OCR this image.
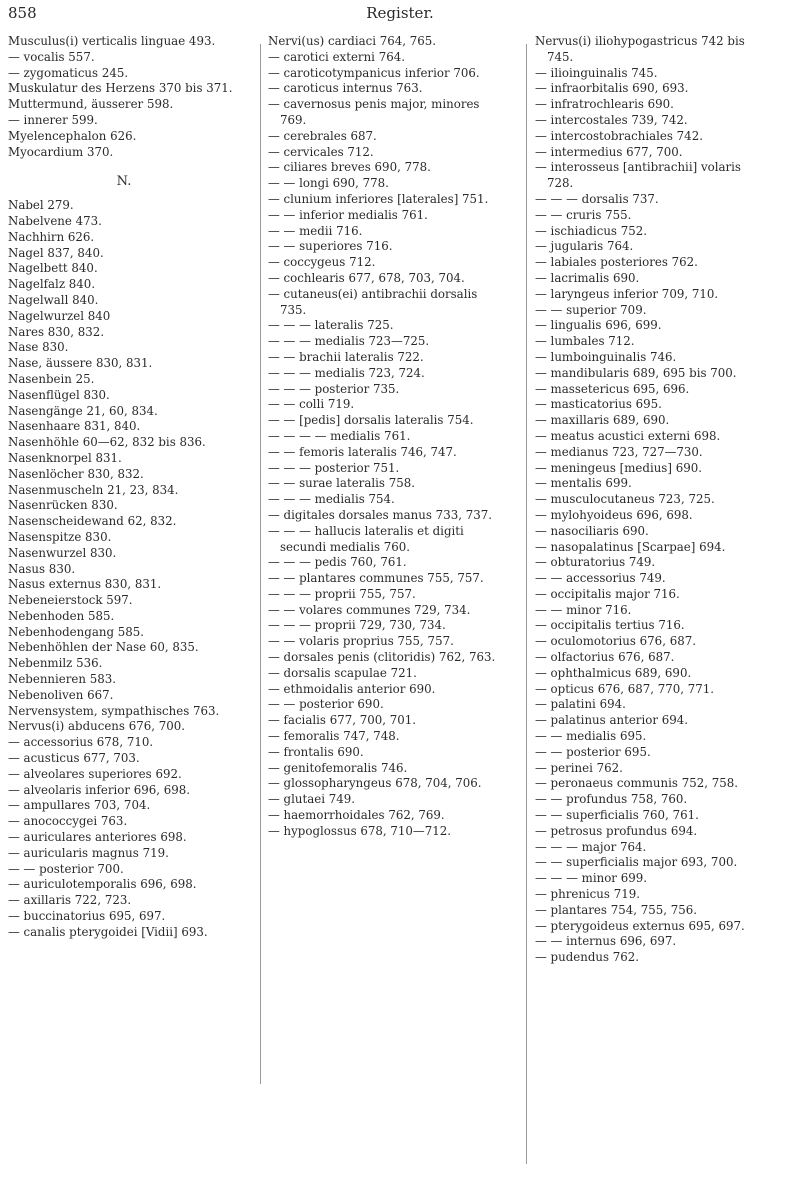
858	Register.
Musculus(i) verticalis linguae 493.
— vocalis 557.
— zygomaticus 245.
Muskulatur des Herzens 370 bis 371.
Muttermund, äusserer 598.
— innerer 599.
Myelencephalon 626.
Myocardium 370.
N.
Nabel 279.
Nabelvene 473.
Nachhirn 626.
Nagel 837, 840.
Nagelbett 840.
Nagelfalz 840.
Nagelwall 840.
Nagelwurzel 840
Nares 830, 832.
Nase 830.
Nase, äussere 830, 831.
Nasenbein 25.
Nasenflügel 830.
Nasengänge 21, 60, 834.
Nasenhaare 831, 840.
Nasenhöhle 60—62, 832 bis 836.
Nasenknorpel 831.
Nasenlöcher 830, 832.
Nasenmuscheln 21, 23, 834.
Nasenrücken 830.
Nasenscheidewand 62, 832.
Nasenspitze 830.
Nasenwurzel 830.
Nasus 830.
Nasus externus 830, 831.
Nebeneierstock 597.
Nebenhoden 585.
Nebenhodengang 585.
Nebenhöhlen der Nase 60, 835.
Nebenmilz 536.
Nebennieren 583.
Nebenoliven 667.
Nervensystem, sympathisches 763.
Nervus(i) abducens 676, 700.
— accessorius 678, 710.
— acusticus 677, 703.
— alveolares superiores 692.
— alveolaris inferior 696, 698.
— ampullares 703, 704.
— anococcygei 763.
— auriculares anteriores 698.
— auricularis magnus 719.
— — posterior 700.
— auriculotemporalis 696, 698.
— axillaris 722, 723.
— buccinatorius 695, 697.
— canalis pterygoidei [Vidii] 693.
Nervi(us) cardiaci 764, 765.
— carotici externi 764.
— caroticotympanicus inferior 706.
— caroticus internus 763.
— cavernosus penis major, minores 769.
— cerebrales 687.
— cervicales 712.
— ciliares breves 690, 778.
— — longi 690, 778.
— clunium inferiores [laterales] 751.
— — inferior medialis 761.
— — medii 716.
— — superiores 716.
— coccygeus 712.
— cochlearis 677, 678, 703, 704.
— cutaneus(ei) antibrachii dorsalis 735.
— — — lateralis 725.
— — — medialis 723—725.
— — brachii lateralis 722.
— — — medialis 723, 724.
— — — posterior 735.
— — colli 719.
— — [pedis] dorsalis lateralis 754.
— — — — medialis 761.
— — femoris lateralis 746, 747.
— — — posterior 751.
— — surae lateralis 758.
— — — medialis 754.
— digitales dorsales manus 733, 737.
— — — hallucis lateralis et digiti secundi medialis 760.
— — — pedis 760, 761.
— — plantares communes 755, 757.
— — — proprii 755, 757.
— — volares communes 729, 734.
— — — proprii 729, 730, 734.
— — volaris proprius 755, 757.
— dorsales penis (clitoridis) 762, 763.
— dorsalis scapulae 721.
— ethmoidalis anterior 690.
— — posterior 690.
— facialis 677, 700, 701.
— femoralis 747, 748.
— frontalis 690.
— genitofemoralis 746.
— glossopharyngeus 678, 704, 706.
— glutaei 749.
— haemorrhoidales 762, 769.
— hypoglossus 678, 710—712.
Nervus(i) iliohypogastricus 742 bis 745.
— ilioinguinalis 745.
— infraorbitalis 690, 693.
— infratrochlearis 690.
— intercostales 739, 742.
— intercostobrachiales 742.
— intermedius 677, 700.
— interosseus [antibrachii] volaris 728.
— — — dorsalis 737.
— — cruris 755.
— ischiadicus 752.
— jugularis 764.
— labiales posteriores 762.
— lacrimalis 690.
— laryngeus inferior 709, 710.
— — superior 709.
— lingualis 696, 699.
— lumbales 712.
— lumboinguinalis 746.
— mandibularis 689, 695 bis 700.
— massetericus 695, 696.
— masticatorius 695.
— maxillaris 689, 690.
— meatus acustici externi 698.
— medianus 723, 727—730.
— meningeus [medius] 690.
— mentalis 699.
— musculocutaneus 723, 725.
— mylohyoideus 696, 698.
— nasociliaris 690.
— nasopalatinus [Scarpae] 694.
— obturatorius 749.
— — accessorius 749.
— occipitalis major 716.
— — minor 716.
— occipitalis tertius 716.
— oculomotorius 676, 687.
— olfactorius 676, 687.
— ophthalmicus 689, 690.
— opticus 676, 687, 770, 771.
— palatini 694.
— palatinus anterior 694.
— — medialis 695.
— — posterior 695.
— perinei 762.
— peronaeus communis 752, 758.
— — profundus 758, 760.
— — superficialis 760, 761.
— petrosus profundus 694.
— — — major 764.
— — superficialis major 693, 700.
— — — minor 699.
— phrenicus 719.
— plantares 754, 755, 756.
— pterygoideus externus 695, 697.
— — internus 696, 697.
— pudendus 762.
